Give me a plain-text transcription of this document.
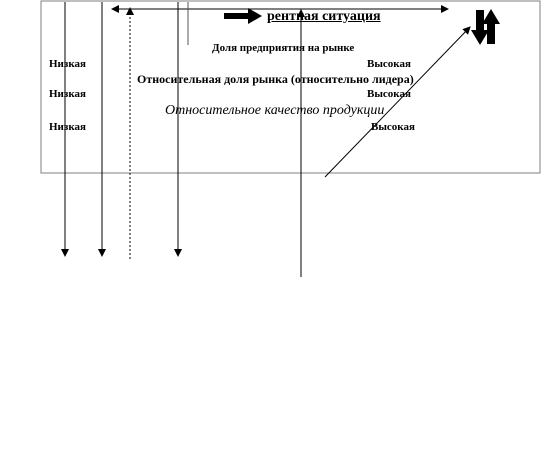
рентная ситуация
Доля предприятия на рынке
Низкая	Высокая
Относительная доля рынка (относительно лидера)
Низкая	Высокая
Относительное качество продукции
Низкая	Высокая
